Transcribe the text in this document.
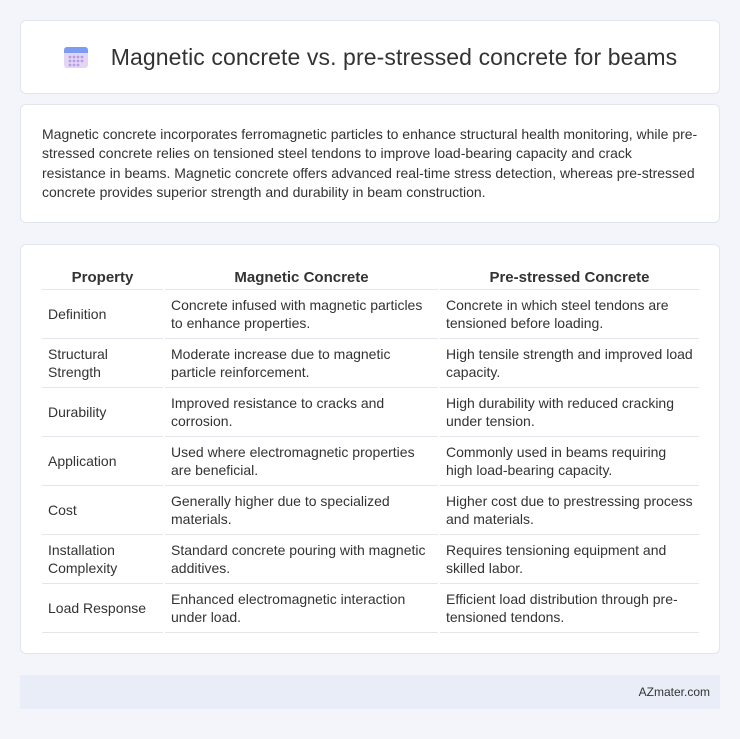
Magnetic concrete vs. pre-stressed concrete for beams

Magnetic concrete incorporates ferromagnetic particles to enhance structural health monitoring, while pre-stressed concrete relies on tensioned steel tendons to improve load-bearing capacity and crack resistance in beams. Magnetic concrete offers advanced real-time stress detection, whereas pre-stressed concrete provides superior strength and durability in beam construction.

Property	Magnetic Concrete	Pre-stressed Concrete
Definition	Concrete infused with magnetic particles to enhance properties.	Concrete in which steel tendons are tensioned before loading.
Structural Strength	Moderate increase due to magnetic particle reinforcement.	High tensile strength and improved load capacity.
Durability	Improved resistance to cracks and corrosion.	High durability with reduced cracking under tension.
Application	Used where electromagnetic properties are beneficial.	Commonly used in beams requiring high load-bearing capacity.
Cost	Generally higher due to specialized materials.	Higher cost due to prestressing process and materials.
Installation Complexity	Standard concrete pouring with magnetic additives.	Requires tensioning equipment and skilled labor.
Load Response	Enhanced electromagnetic interaction under load.	Efficient load distribution through pre-tensioned tendons.
AZmater.com
